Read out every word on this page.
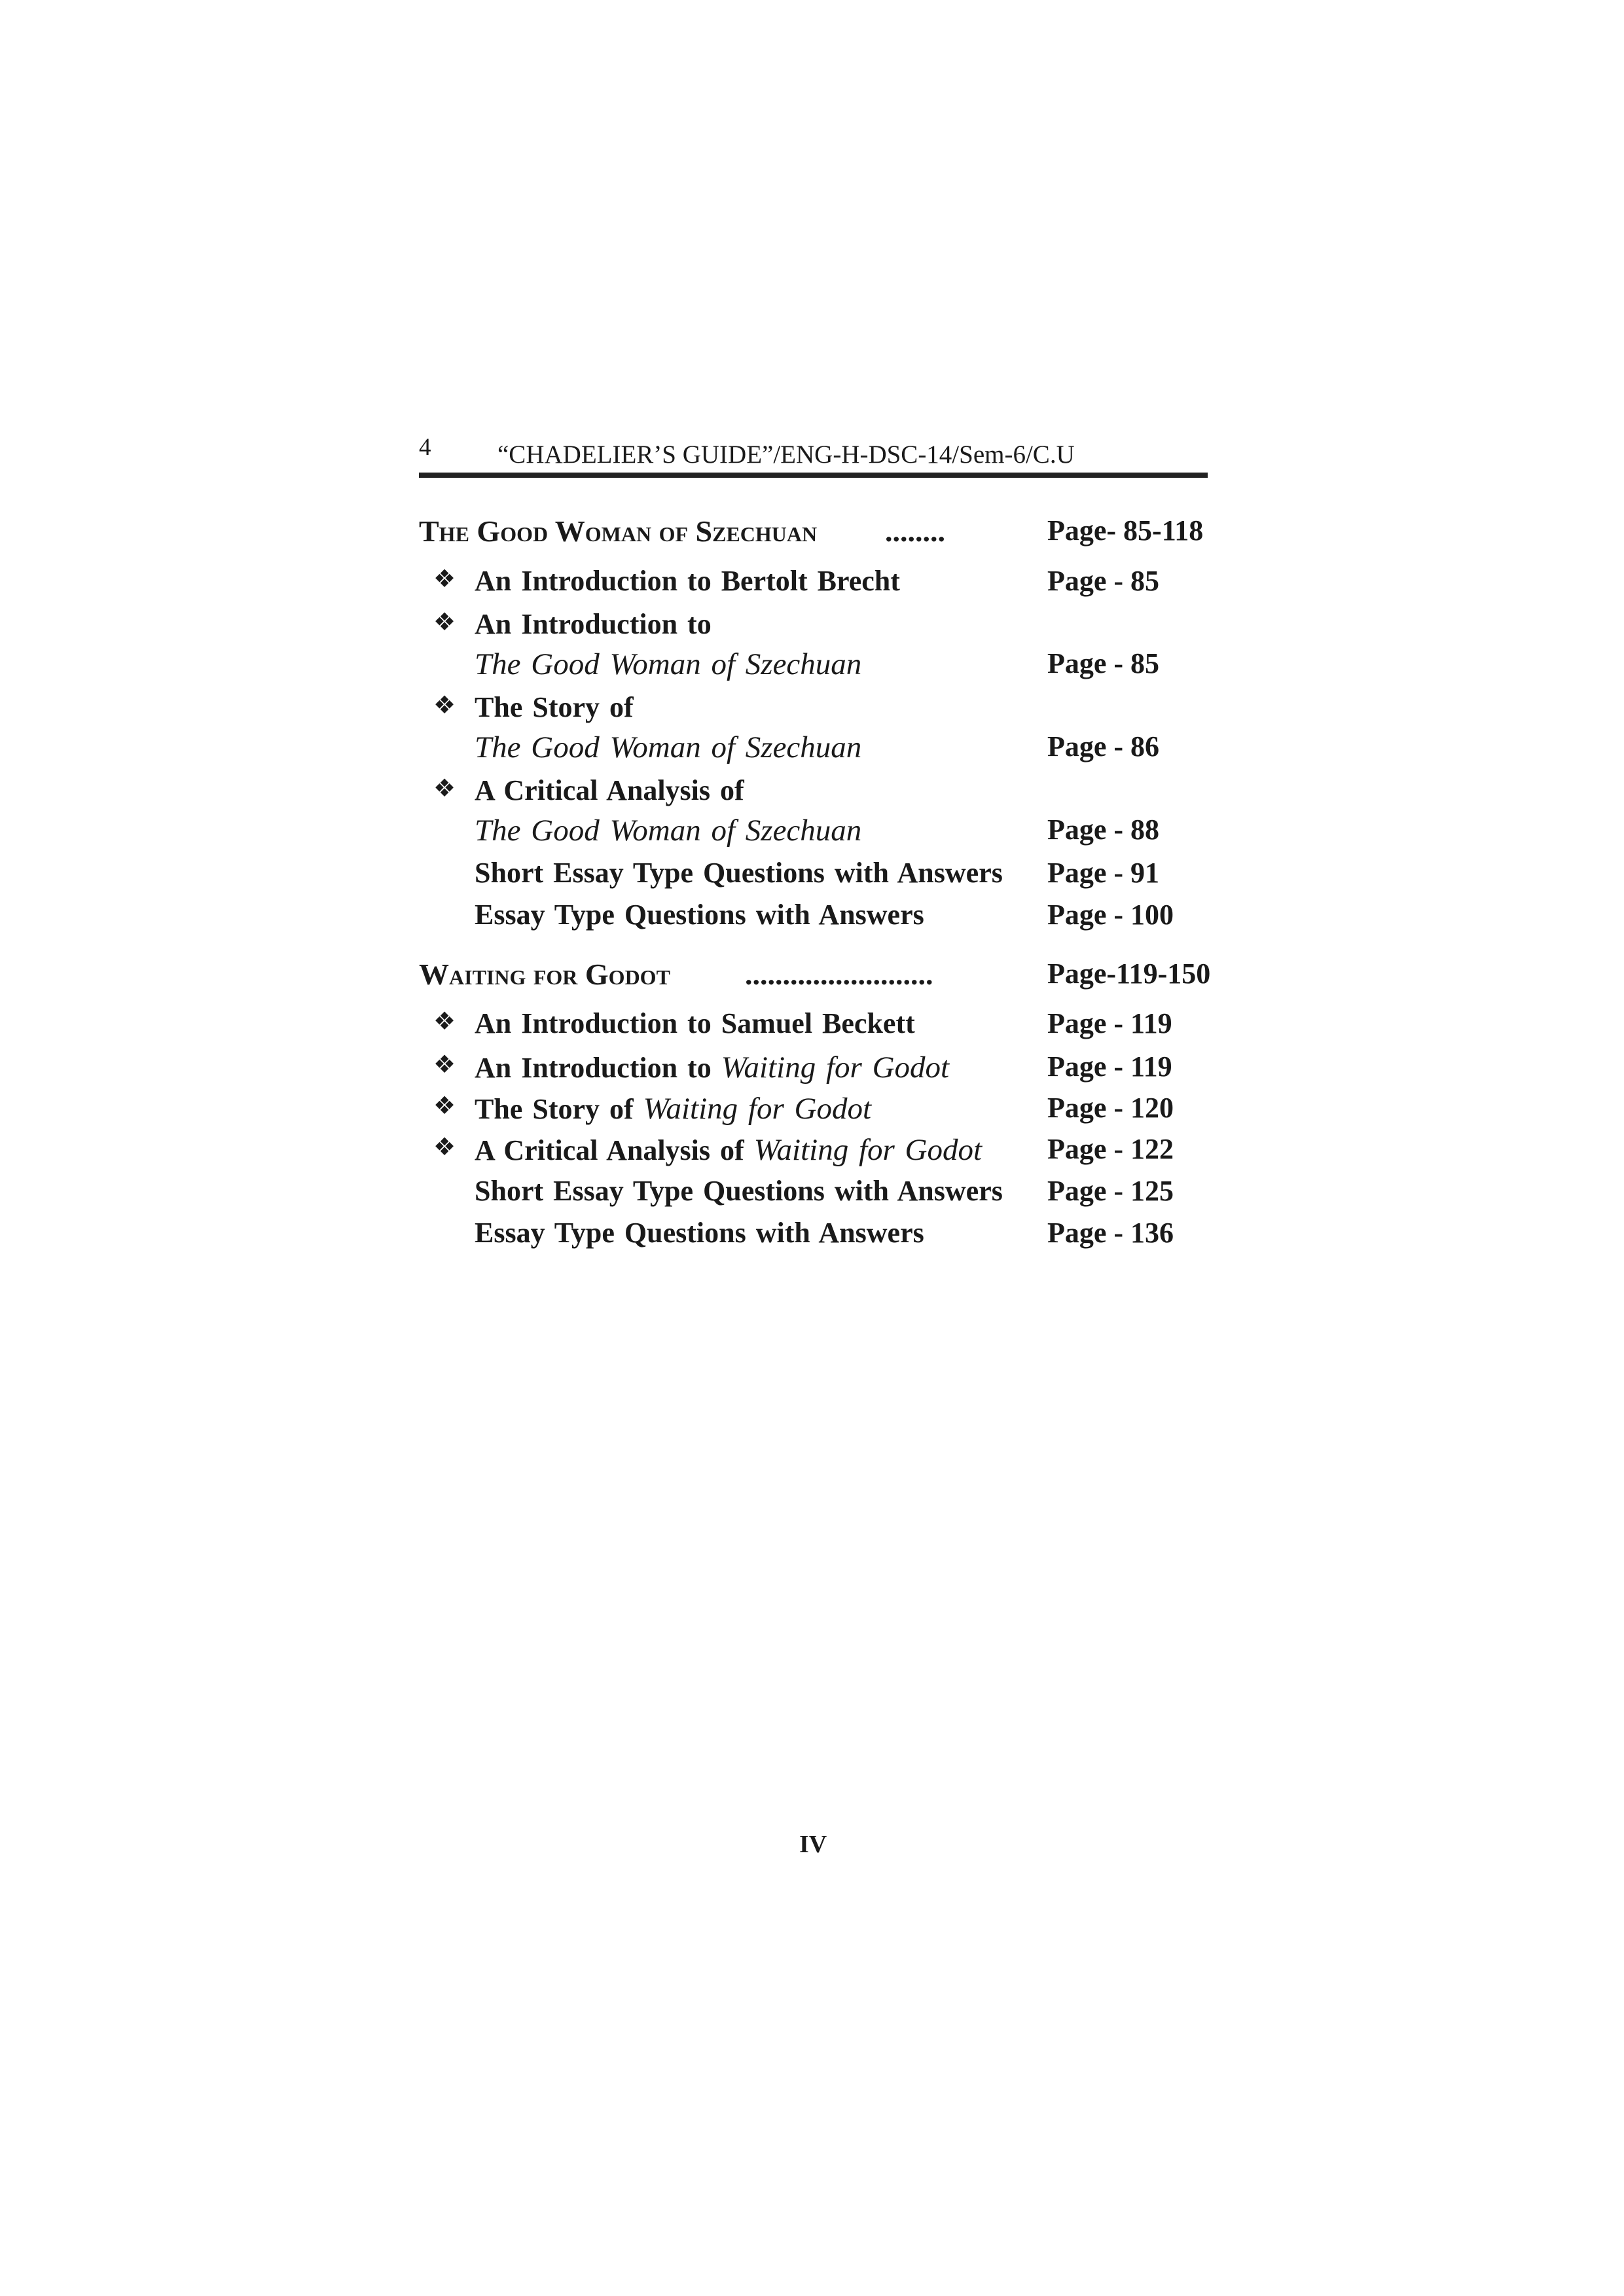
4	“CHADELIER’S GUIDE”/ENG-H-DSC-14/Sem-6/C.U
The Good Woman of Szechuan ........	Page- 85-118
❖ An Introduction to Bertolt Brecht	Page - 85
❖ An Introduction to
The Good Woman of Szechuan	Page - 85
❖ The Story of
The Good Woman of Szechuan	Page - 86
❖ A Critical Analysis of
The Good Woman of Szechuan	Page - 88
Short Essay Type Questions with Answers Page - 91
Essay Type Questions with Answers	Page - 100
Waiting for Godot .........................	Page-119-150
❖ An Introduction to Samuel Beckett	Page - 119
❖ An Introduction to Waiting for Godot	Page - 119
❖ The Story of Waiting for Godot	Page - 120
❖ A Critical Analysis of Waiting for Godot Page - 122
Short Essay Type Questions with Answers Page - 125
Essay Type Questions with Answers	Page - 136
IV
